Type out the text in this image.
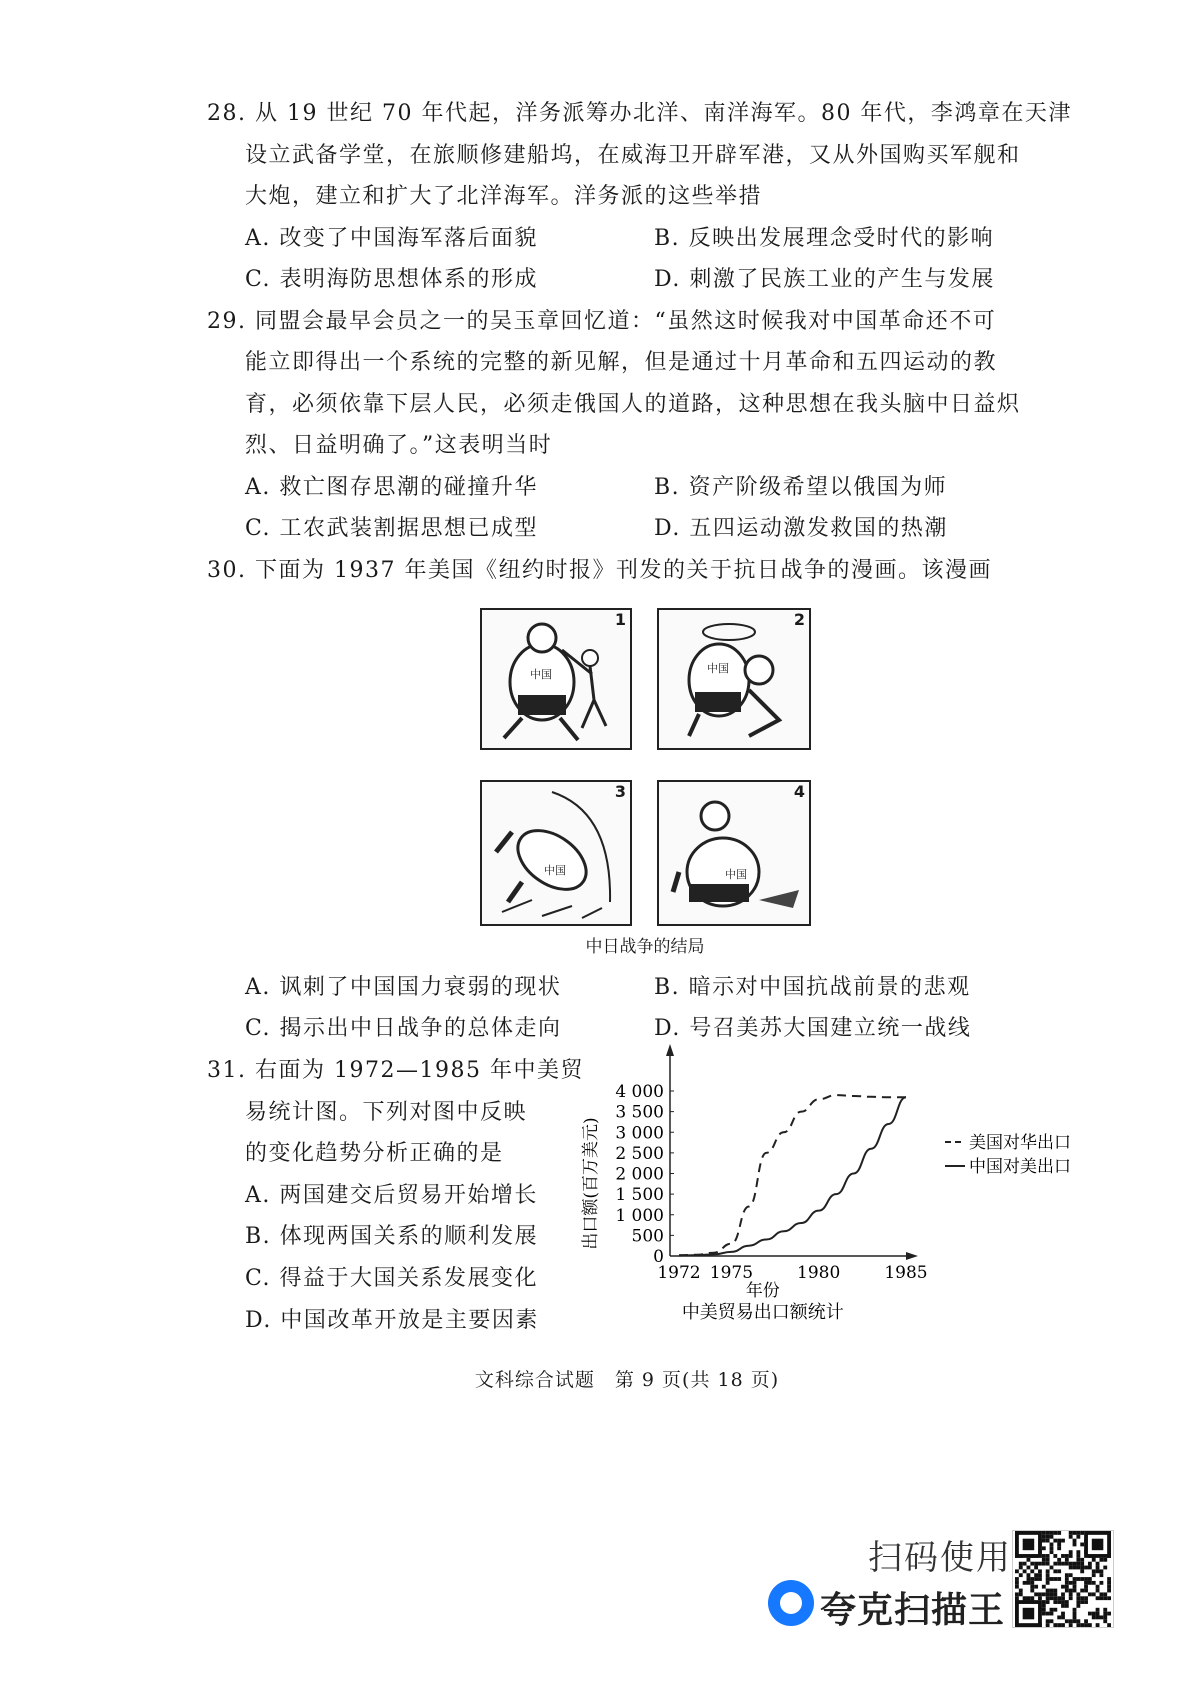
28. 从 19 世纪 70 年代起，洋务派筹办北洋、南洋海军。80 年代，李鸿章在天津
设立武备学堂，在旅顺修建船坞，在威海卫开辟军港，又从外国购买军舰和
大炮，建立和扩大了北洋海军。洋务派的这些举措
A. 改变了中国海军落后面貌	B. 反映出发展理念受时代的影响
C. 表明海防思想体系的形成	D. 刺激了民族工业的产生与发展
29. 同盟会最早会员之一的吴玉章回忆道：“虽然这时候我对中国革命还不可
能立即得出一个系统的完整的新见解，但是通过十月革命和五四运动的教
育，必须依靠下层人民，必须走俄国人的道路，这种思想在我头脑中日益炽
烈、日益明确了。”这表明当时
A. 救亡图存思潮的碰撞升华	B. 资产阶级希望以俄国为师
C. 工农武装割据思想已成型	D. 五四运动激发救国的热潮
30. 下面为 1937 年美国《纽约时报》刊发的关于抗日战争的漫画。该漫画
1
中国
2
中国
3
中国
4
中国
中日战争的结局
A. 讽刺了中国国力衰弱的现状	B. 暗示对中国抗战前景的悲观
C. 揭示出中日战争的总体走向	D. 号召美苏大国建立统一战线
31. 右面为 1972—1985 年中美贸
易统计图。下列对图中反映
的变化趋势分析正确的是
A. 两国建交后贸易开始增长
B. 体现两国关系的顺利发展
C. 得益于大国关系发展变化
D. 中国改革开放是主要因素
0
500
1 000
1 500
2 000
2 500
3 000
3 500
4 000
1972 1975	1980	1985
年份
中美贸易出口额统计
出口额(百万美元)	美国对华出口
中国对美出口
文科综合试题　第 9 页(共 18 页)
扫码使用
夸克扫描王
